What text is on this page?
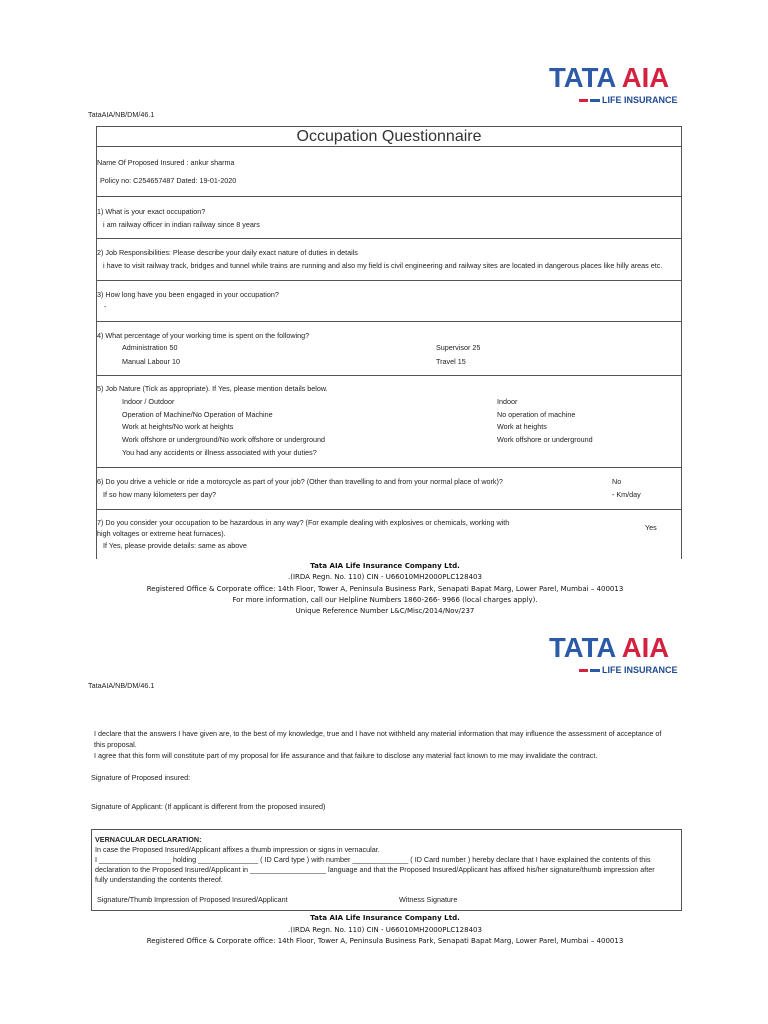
TATA AIA
LIFE INSURANCE
TataAIA/NB/DM/46.1
Occupation Questionnaire
Name Of Proposed Insured : ankur sharma
Policy no: C254657487 Dated: 19-01-2020
1) What is your exact occupation?
i am railway officer in indian railway since 8 years
2) Job Responsibilities: Please describe your daily exact nature of duties in details
i have to visit railway track, bridges and tunnel while trains are running and also my field is civil engineering and railway sites are located in dangerous places like hilly areas etc.
3) How long have you been engaged in your occupation?
-
4) What percentage of your working time is spent on the following?
Administration 50	Supervisor 25
Manual Labour 10	Travel 15
5) Job Nature (Tick as appropriate). If Yes, please mention details below.
Indoor / Outdoor	Indoor
Operation of Machine/No Operation of Machine	No operation of machine
Work at heights/No work at heights	Work at heights
Work offshore or underground/No work offshore or underground	Work offshore or underground
You had any accidents or illness associated with your duties?
6) Do you drive a vehicle or ride a motorcycle as part of your job? (Other than travelling to and from your normal place of work)?	No
If so how many kilometers per day?	- Km/day
7) Do you consider your occupation to be hazardous in any way? (For example dealing with explosives or chemicals, working with
high voltages or extreme heat furnaces).
Yes
If Yes, please provide details: same as above
Tata AIA Life Insurance Company Ltd.
.(IRDA Regn. No. 110) CIN - U66010MH2000PLC128403
Registered Office & Corporate office: 14th Floor, Tower A, Peninsula Business Park, Senapati Bapat Marg, Lower Parel, Mumbai – 400013
For more information, call our Helpline Numbers 1860-266- 9966 (local charges apply).
Unique Reference Number L&C/Misc/2014/Nov/237
TATA AIA
LIFE INSURANCE
TataAIA/NB/DM/46.1
I declare that the answers I have given are, to the best of my knowledge, true and I have not withheld any material information that may influence the assessment of acceptance of
this proposal.
I agree that this form will constitute part of my proposal for life assurance and that failure to disclose any material fact known to me may invalidate the contract.
Signature of Proposed insured:
Signature of Applicant: (If applicant is different from the proposed insured)
VERNACULAR DECLARATION:
In case the Proposed Insured/Applicant affixes a thumb impression or signs in vernacular.
I __________________ holding _______________ ( ID Card type ) with number ______________ ( ID Card number ) hereby declare that I have explained the contents of this
declaration to the Proposed Insured/Applicant in ___________________ language and that the Proposed Insured/Applicant has affixed his/her signature/thumb impression after
fully understanding the contents thereof.
Signature/Thumb Impression of Proposed Insured/Applicant	Witness Signature
Tata AIA Life Insurance Company Ltd.
.(IRDA Regn. No. 110) CIN - U66010MH2000PLC128403
Registered Office & Corporate office: 14th Floor, Tower A, Peninsula Business Park, Senapati Bapat Marg, Lower Parel, Mumbai – 400013
